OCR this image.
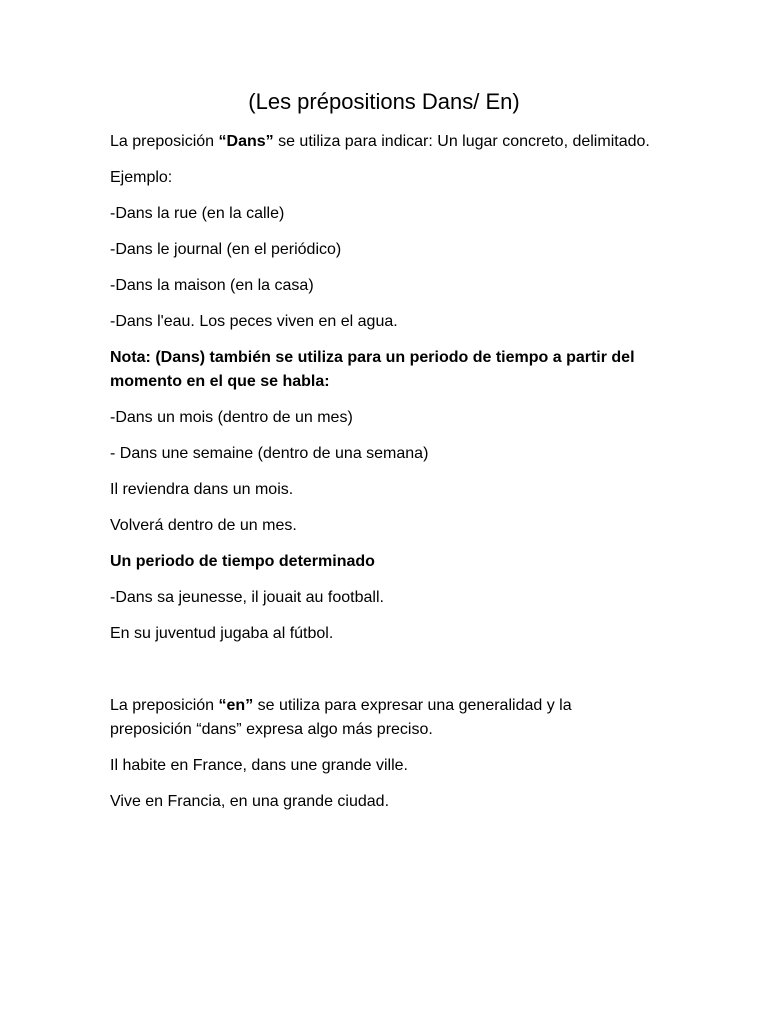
(Les prépositions Dans/ En)
La preposición “Dans” se utiliza para indicar: Un lugar concreto, delimitado.
Ejemplo:
-Dans la rue (en la calle)
-Dans le journal (en el periódico)
-Dans la maison (en la casa)
-Dans l'eau. Los peces viven en el agua.
Nota: (Dans) también se utiliza para un periodo de tiempo a partir del momento en el que se habla:
-Dans un mois (dentro de un mes)
- Dans une semaine (dentro de una semana)
Il reviendra dans un mois.
Volverá dentro de un mes.
Un periodo de tiempo determinado
-Dans sa jeunesse, il jouait au football.
En su juventud jugaba al fútbol.
La preposición “en” se utiliza para expresar una generalidad y la preposición “dans” expresa algo más preciso.
Il habite en France, dans une grande ville.
Vive en Francia, en una grande ciudad.
